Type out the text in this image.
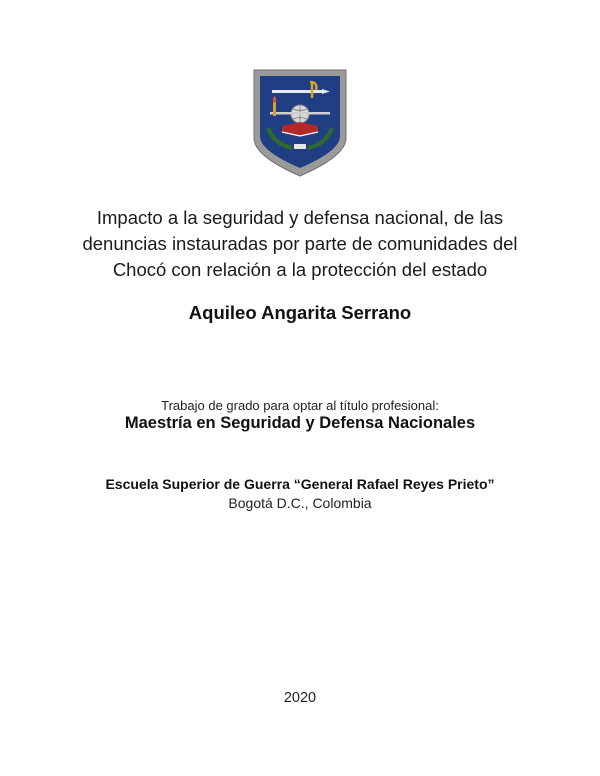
Impacto a la seguridad y defensa nacional, de las
denuncias instauradas por parte de comunidades del
Chocó con relación a la protección del estado
Aquileo Angarita Serrano
Trabajo de grado para optar al título profesional:
Maestría en Seguridad y Defensa Nacionales
Escuela Superior de Guerra “General Rafael Reyes Prieto”
Bogotá D.C., Colombia
2020
